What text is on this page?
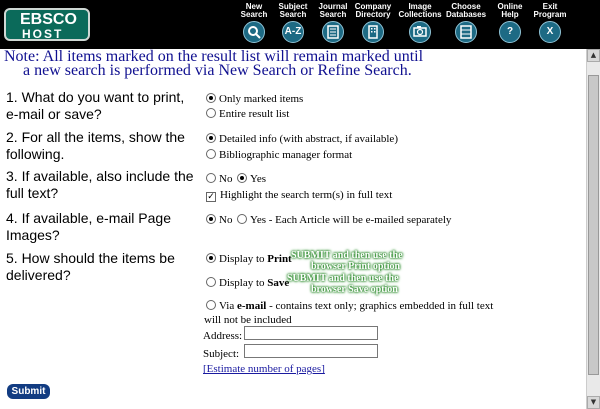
EBSCO
HOST
New
Search
Subject
Search
A-Z
Journal
Search
Company
Directory
Image
Collections
Choose
Databases
Online
Help
?
Exit
Program
X
Note: All items marked on the result list will remain marked until
a new search is performed via New Search or Refine Search.
1. What do you want to print, e-mail or save?
Only marked items
Entire result list
2. For all the items, show the following.
Detailed info (with abstract, if available)
Bibliographic manager format
3. If available, also include the full text?
No	Yes
✓ Highlight the search term(s) in full text
4. If available, e-mail Page Images?
No	Yes - Each Article will be e-mailed separately
5. How should the items be delivered?
Display to Print SUBMIT and then use the
browser Print option
Display to Save
SUBMIT and then use the
browser Save option
Via e-mail - contains text only; graphics embedded in full text
will not be included
Address:
Subject:
[Estimate number of pages]
Submit
▲
▼
